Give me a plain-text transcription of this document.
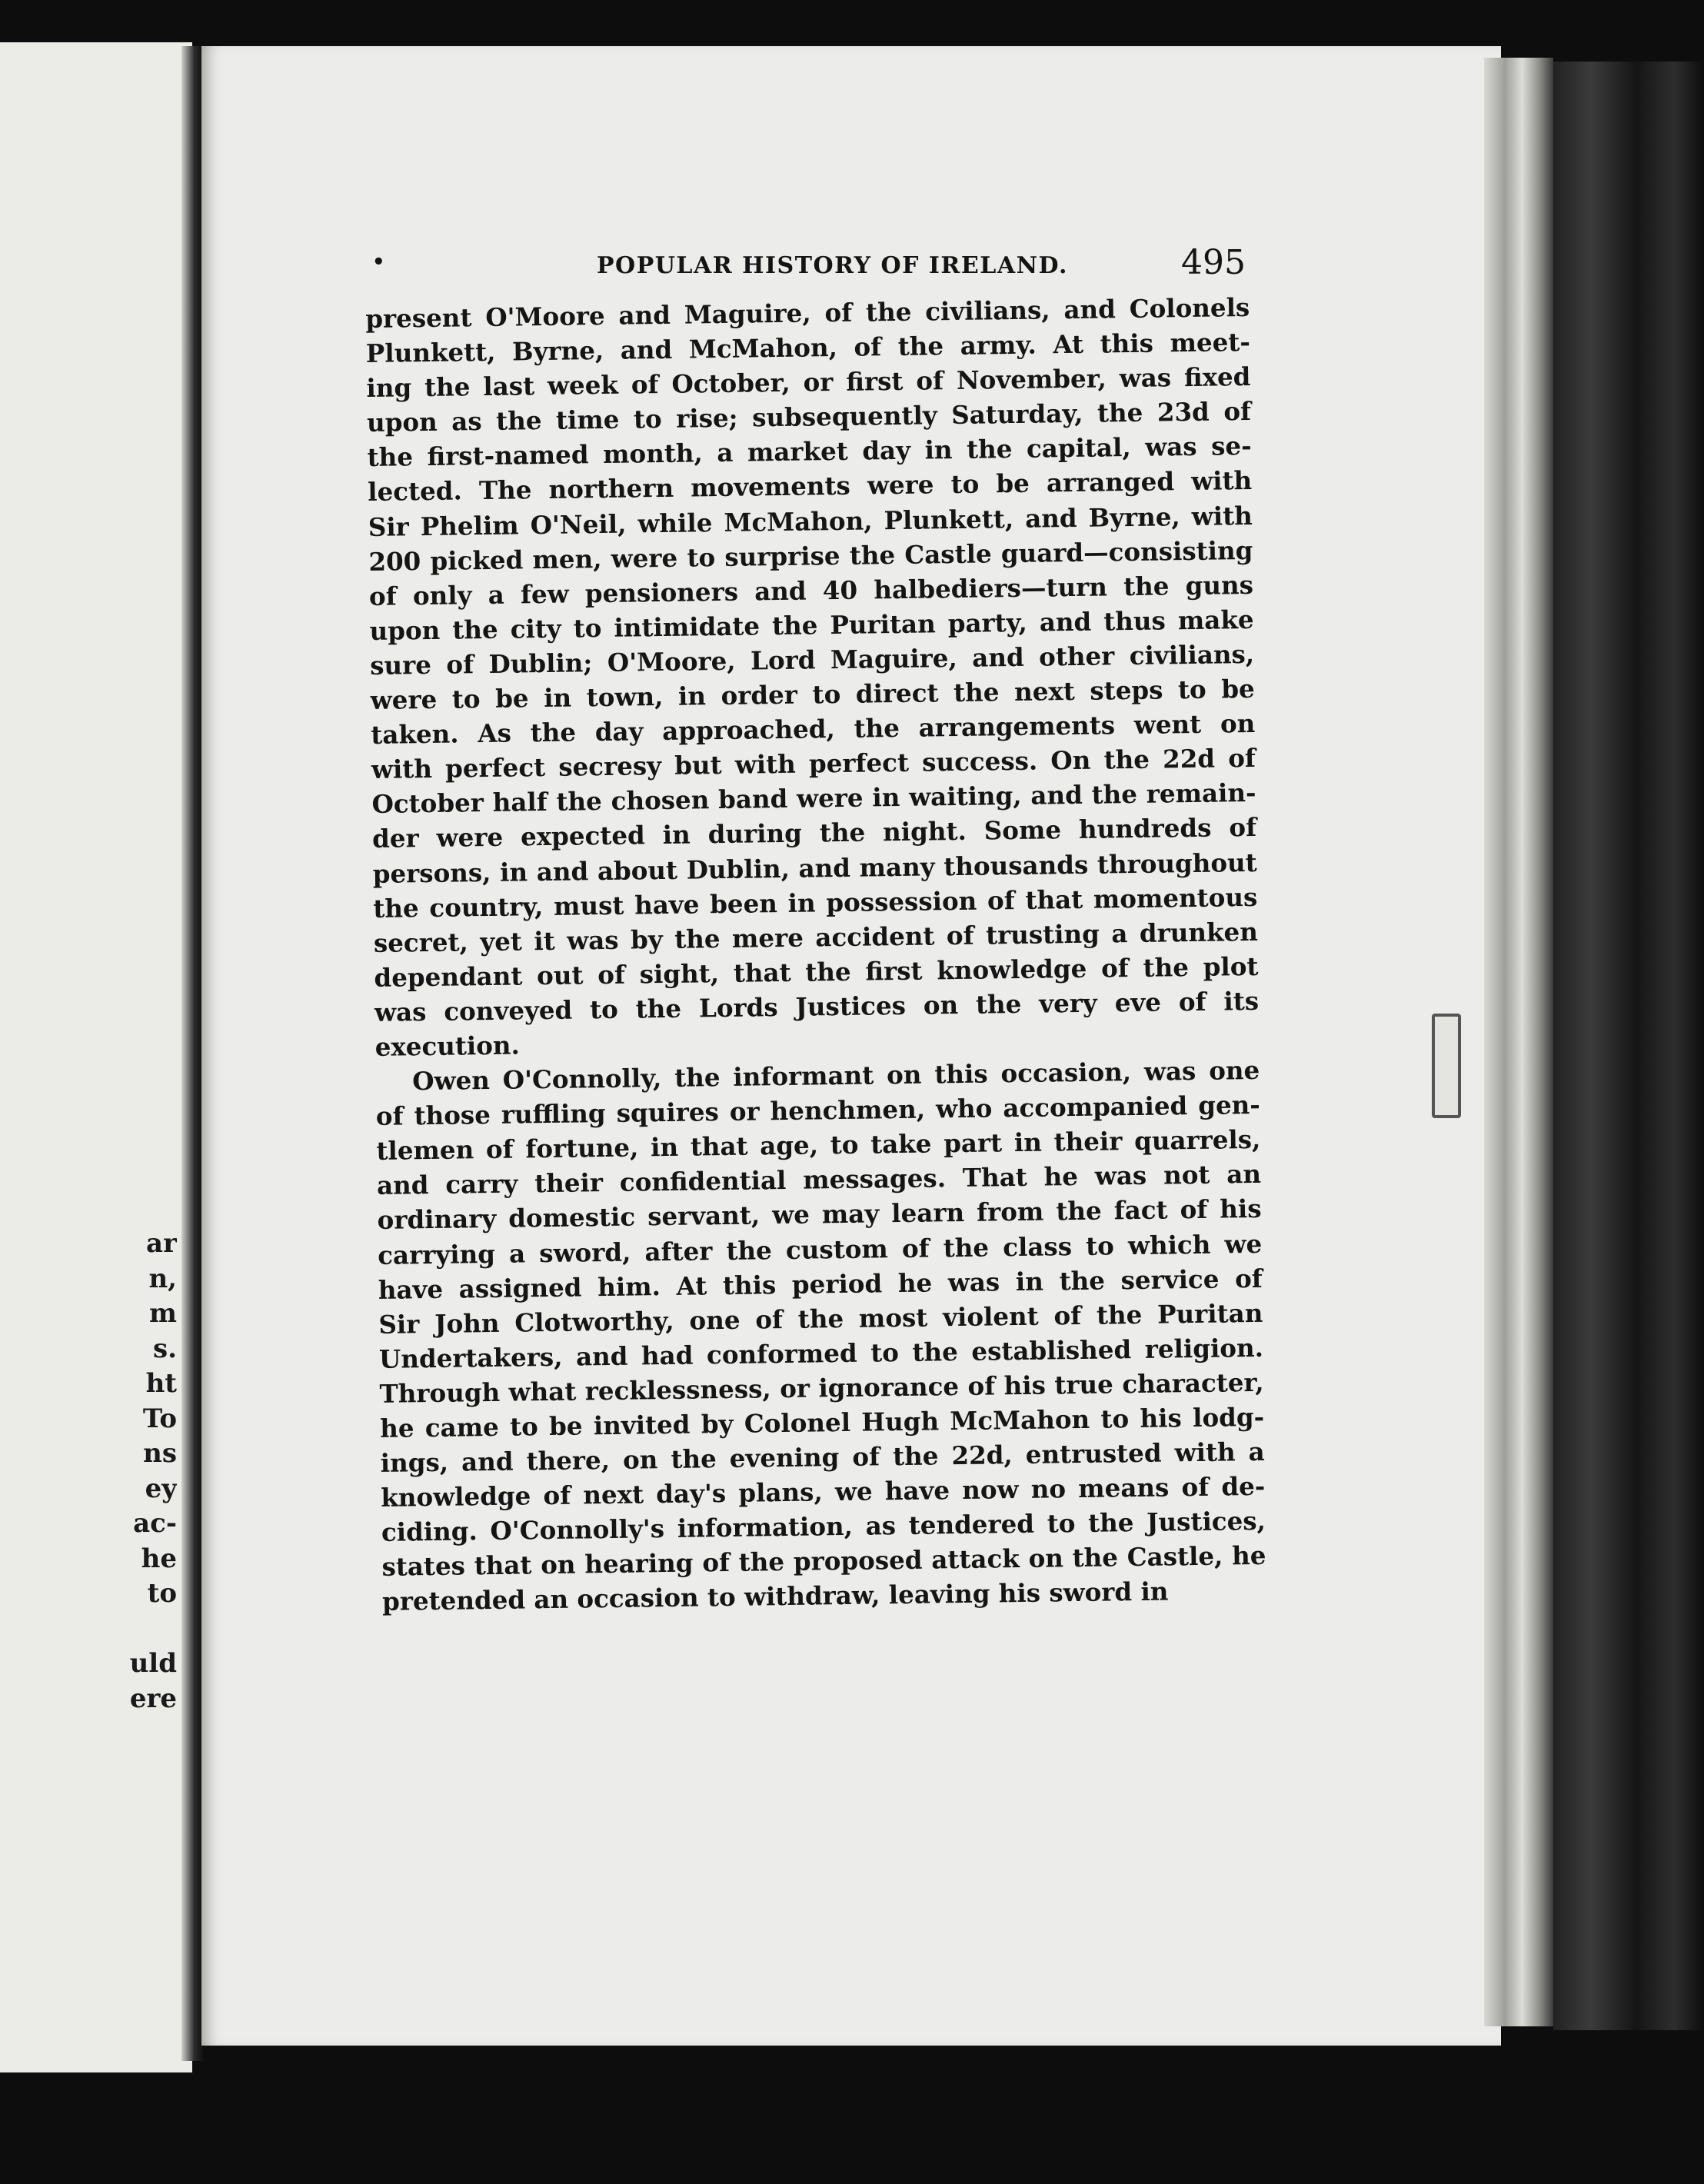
ar
n,
m
s.
ht
To
ns
ey
ac-
he
to
uld
ere
•	POPULAR HISTORY OF IRELAND.	495
present O'Moore and Maguire, of the civilians, and Colonels
Plunkett, Byrne, and McMahon, of the army. At this meet-
ing the last week of October, or first of November, was fixed
upon as the time to rise; subsequently Saturday, the 23d of
the first-named month, a market day in the capital, was se-
lected. The northern movements were to be arranged with
Sir Phelim O'Neil, while McMahon, Plunkett, and Byrne, with
200 picked men, were to surprise the Castle guard—consisting
of only a few pensioners and 40 halbediers—turn the guns
upon the city to intimidate the Puritan party, and thus make
sure of Dublin; O'Moore, Lord Maguire, and other civilians,
were to be in town, in order to direct the next steps to be
taken. As the day approached, the arrangements went on
with perfect secresy but with perfect success. On the 22d of
October half the chosen band were in waiting, and the remain-
der were expected in during the night. Some hundreds of
persons, in and about Dublin, and many thousands throughout
the country, must have been in possession of that momentous
secret, yet it was by the mere accident of trusting a drunken
dependant out of sight, that the first knowledge of the plot
was conveyed to the Lords Justices on the very eve of its
execution.
Owen O'Connolly, the informant on this occasion, was one
of those ruffling squires or henchmen, who accompanied gen-
tlemen of fortune, in that age, to take part in their quarrels,
and carry their confidential messages. That he was not an
ordinary domestic servant, we may learn from the fact of his
carrying a sword, after the custom of the class to which we
have assigned him. At this period he was in the service of
Sir John Clotworthy, one of the most violent of the Puritan
Undertakers, and had conformed to the established religion.
Through what recklessness, or ignorance of his true character,
he came to be invited by Colonel Hugh McMahon to his lodg-
ings, and there, on the evening of the 22d, entrusted with a
knowledge of next day's plans, we have now no means of de-
ciding. O'Connolly's information, as tendered to the Justices,
states that on hearing of the proposed attack on the Castle, he
pretended an occasion to withdraw, leaving his sword in
